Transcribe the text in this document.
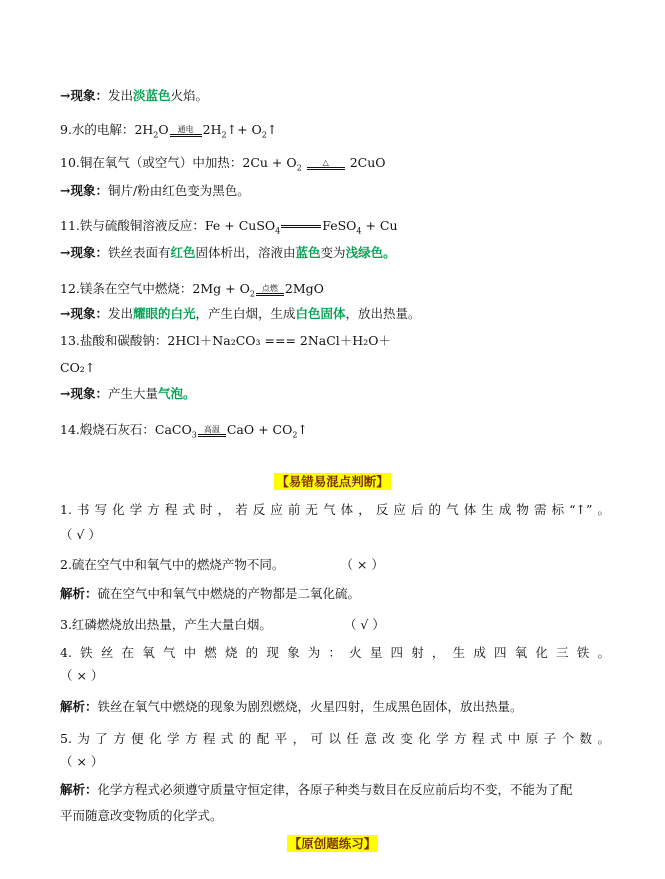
→现象：发出淡蓝色火焰。
9.水的电解：$2H_2O$	通电 $2H_2↑+$ $O_2↑$
10.铜在氧气（或空气）中加热：$2Cu + O_2$
△	2CuO
→现象：铜片/粉由红色变为黑色。
11.铁与硫酸铜溶液反应：Fe + CuSO$_4$	FeSO$_4$ + Cu
→现象：铁丝表面有红色固体析出，溶液由蓝色变为浅绿色。
12.镁条在空气中燃烧：$2Mg + O_2$
点燃 2MgO
→现象：发出耀眼的白光，产生白烟，生成白色固体，放出热量。
13.盐酸和碳酸钠：2HCl＋Na₂CO₃ === 2NaCl＋H₂O＋
CO₂↑
→现象：产生大量气泡。
14.煅烧石灰石：CaCO$_3$
高温 CaO + $CO_2↑$
【易错易混点判断】
1.书写化学方程式时，若反应前无气体，反应后的气体生成物需标“↑”。
（ √ ）
2.硫在空气中和氧气中的燃烧产物不同。	（ × ）
解析：硫在空气中和氧气中燃烧的产物都是二氧化硫。
3.红磷燃烧放出热量，产生大量白烟。	（ √ ）
4.铁丝在氧气中燃烧的现象为：火星四射，生成四氧化三铁。
（ × ）
解析：铁丝在氧气中燃烧的现象为剧烈燃烧，火星四射，生成黑色固体，放出热量。
5.为了方便化学方程式的配平，可以任意改变化学方程式中原子个数。
（ × ）
解析：化学方程式必须遵守质量守恒定律，各原子种类与数目在反应前后均不变，不能为了配
平而随意改变物质的化学式。
【原创题练习】
